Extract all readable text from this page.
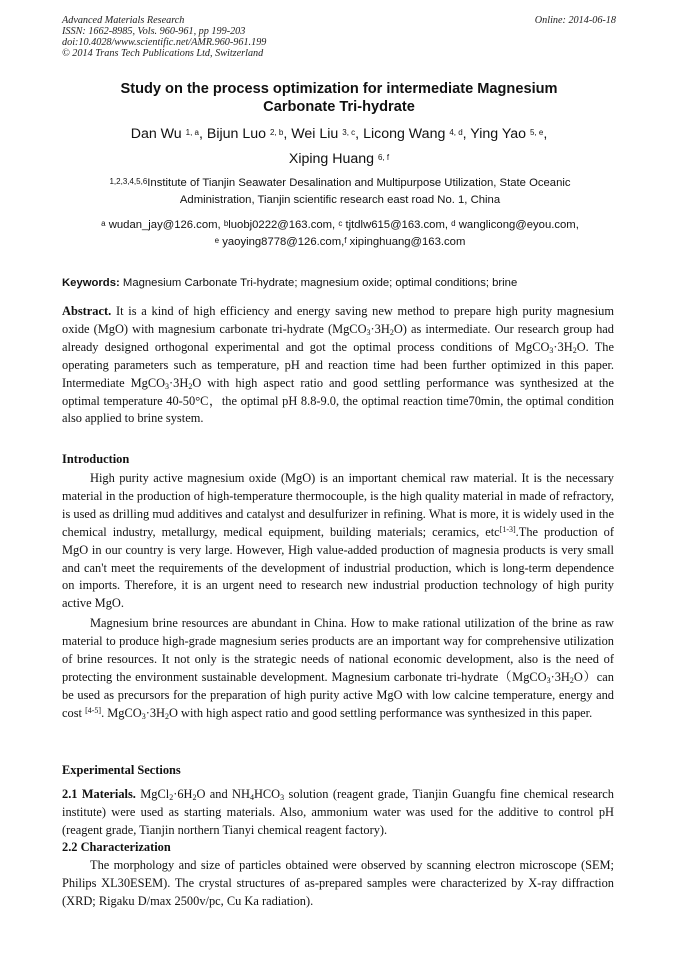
Advanced Materials Research
ISSN: 1662-8985, Vols. 960-961, pp 199-203
doi:10.4028/www.scientific.net/AMR.960-961.199
© 2014 Trans Tech Publications Ltd, Switzerland
Online: 2014-06-18
Study on the process optimization for intermediate Magnesium
Carbonate Tri-hydrate
Dan Wu $^{1, a}$, Bijun Luo $^{2, b}$, Wei Liu $^{3, c}$, Licong Wang $^{4, d}$, Ying Yao $^{5, e}$,
Xiping Huang $^{6, f}$
$^{1,2,3,4,5,6}$Institute of Tianjin Seawater Desalination and Multipurpose Utilization, State Oceanic
Administration, Tianjin scientific research east road No. 1, China
$^a$ wudan_jay@126.com, $^b$luobj0222@163.com, $^c$ tjtdlw615@163.com, $^d$ wanglicong@eyou.com,
$^e$ yaoying8778@126.com,$^f$ xipinghuang@163.com
Keywords: Magnesium Carbonate Tri-hydrate; magnesium oxide; optimal conditions; brine
Abstract. It is a kind of high efficiency and energy saving new method to prepare high purity magnesium oxide (MgO) with magnesium carbonate tri-hydrate $(MgCO_3\cdot 3H_2O)$ as intermediate. Our research group had already designed orthogonal experimental and got the optimal process conditions of $MgCO_3\cdot 3H_2O$. The operating parameters such as temperature, pH and reaction time had been further optimized in this paper. Intermediate $MgCO_3\cdot 3H_2O$ with high aspect ratio and good settling performance was synthesized at the optimal temperature 40-50°C，the optimal pH 8.8-9.0, the optimal reaction time70min, the optimal condition also applied to brine system.
Introduction
High purity active magnesium oxide (MgO) is an important chemical raw material. It is the necessary material in the production of high-temperature thermocouple, is the high quality material in made of refractory, is used as drilling mud additives and catalyst and desulfurizer in refining. What is more, it is widely used in the chemical industry, metallurgy, medical equipment, building materials; ceramics, etc[1-3].The production of MgO in our country is very large. However, High value-added production of magnesia products is very small and can't meet the requirements of the development of industrial production, which is long-term dependence on imports. Therefore, it is an urgent need to research new industrial production technology of high purity active MgO.
Magnesium brine resources are abundant in China. How to make rational utilization of the brine as raw material to produce high-grade magnesium series products are an important way for comprehensive utilization of brine resources. It not only is the strategic needs of national economic development, also is the need of protecting the environment sustainable development. Magnesium carbonate tri-$hydrate(MgCO_3\cdot 3H_2O)can$ be used as precursors for the preparation of high purity active MgO with low calcine temperature, energy and cost [4-5]. $MgCO_3\cdot 3H_2O$ with high aspect ratio and good settling performance was synthesized in this paper.
Experimental Sections
2.1 Materials. $MgCl_2\cdot 6H_2O$ and $NH_4HCO_3$ solution (reagent grade, Tianjin Guangfu fine chemical research institute) were used as starting materials. Also, ammonium water was used for the additive to control pH (reagent grade, Tianjin northern Tianyi chemical reagent factory).
2.2 Characterization
The morphology and size of particles obtained were observed by scanning electron microscope (SEM; Philips XL30ESEM). The crystal structures of as-prepared samples were characterized by X-ray diffraction (XRD; Rigaku D/max 2500v/pc, Cu Ka radiation).
